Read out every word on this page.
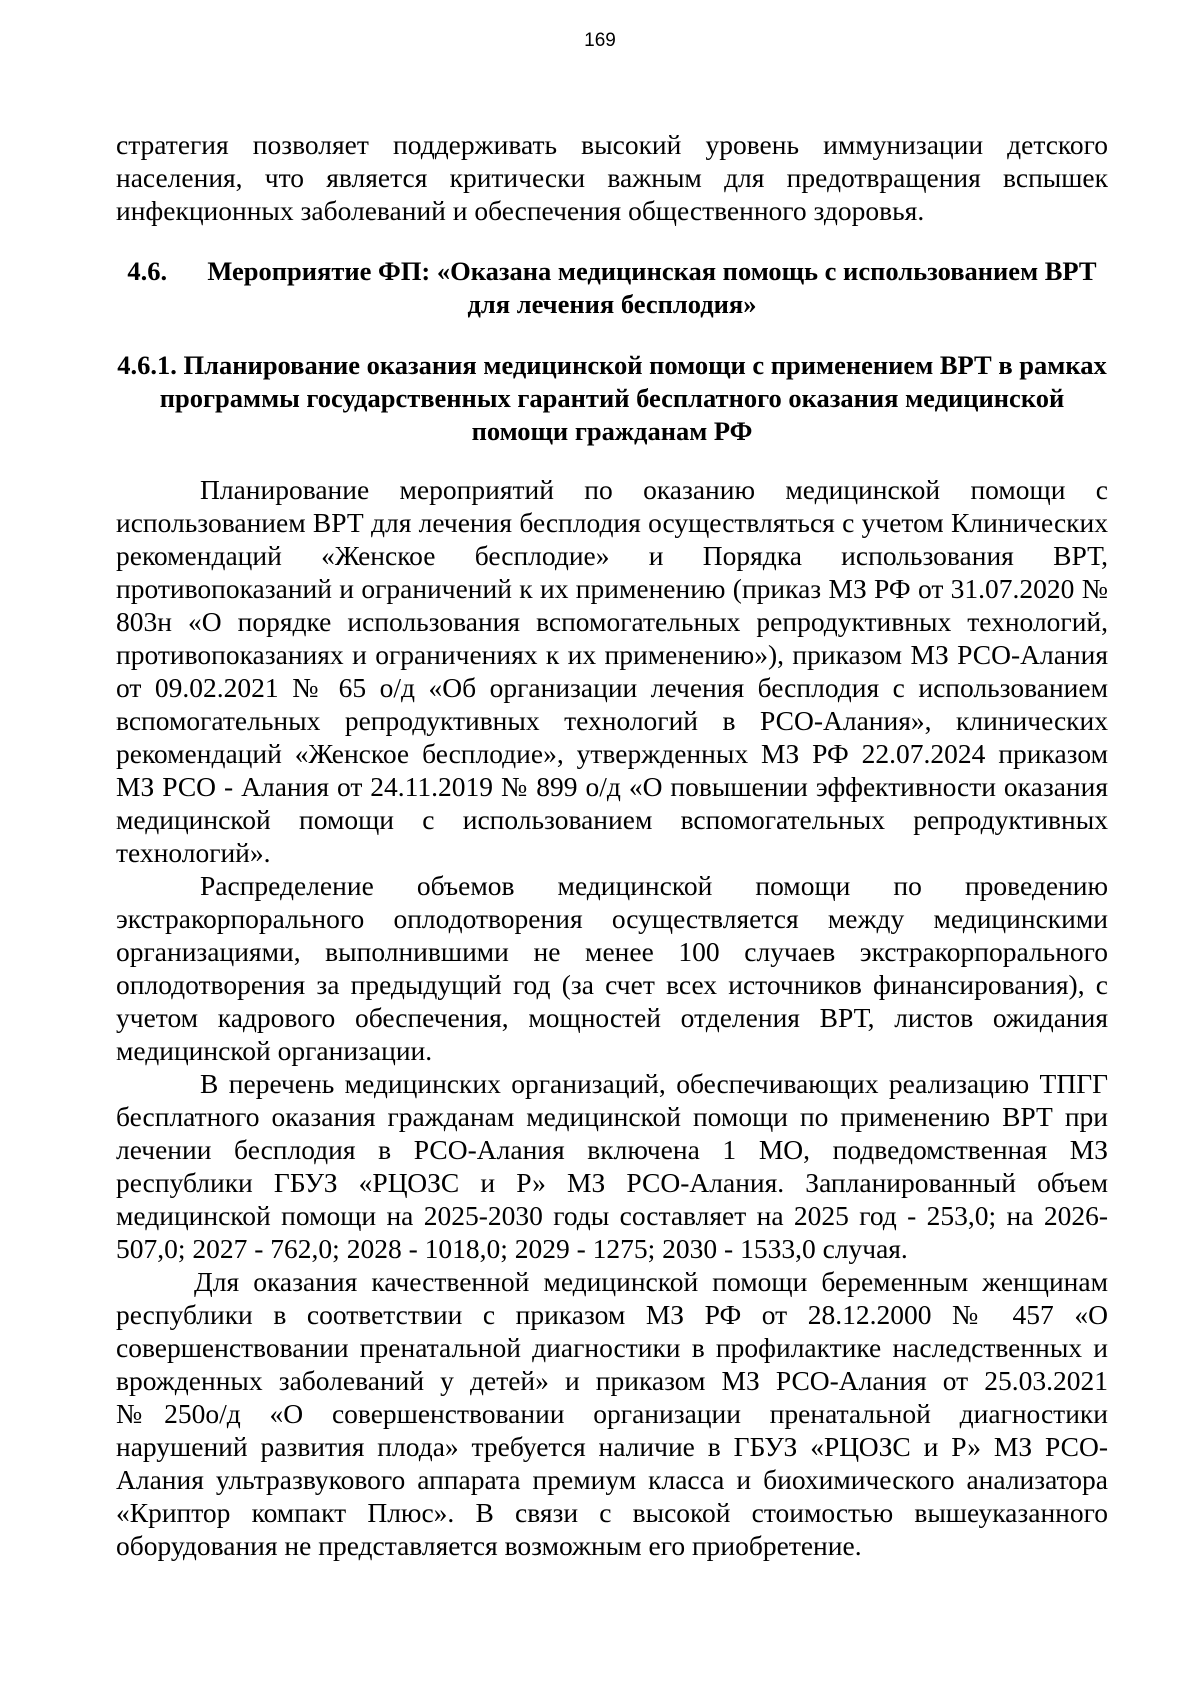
169

стратегия позволяет поддерживать высокий уровень иммунизации детского населения, что является критически важным для предотвращения вспышек инфекционных заболеваний и обеспечения общественного здоровья.

4.6. Мероприятие ФП: «Оказана медицинская помощь с использованием ВРТ для лечения бесплодия»
4.6.1. Планирование оказания медицинской помощи с применением ВРТ в рамках программы государственных гарантий бесплатного оказания медицинской помощи гражданам РФ

Планирование мероприятий по оказанию медицинской помощи с использованием ВРТ для лечения бесплодия осуществляться с учетом Клинических рекомендаций «Женское бесплодие» и Порядка использования ВРТ, противопоказаний и ограничений к их применению (приказ МЗ РФ от 31.07.2020 № 803н «О порядке использования вспомогательных репродуктивных технологий, противопоказаниях и ограничениях к их применению»), приказом МЗ РСО-Алания от 09.02.2021 № 65 о/д «Об организации лечения бесплодия с использованием вспомогательных репродуктивных технологий в РСО-Алания», клинических рекомендаций «Женское бесплодие», утвержденных МЗ РФ 22.07.2024 приказом МЗ РСО - Алания от 24.11.2019 № 899 о/д «О повышении эффективности оказания медицинской помощи с использованием вспомогательных репродуктивных технологий».

Распределение объемов медицинской помощи по проведению экстракорпорального оплодотворения осуществляется между медицинскими организациями, выполнившими не менее 100 случаев экстракорпорального оплодотворения за предыдущий год (за счет всех источников финансирования), с учетом кадрового обеспечения, мощностей отделения ВРТ, листов ожидания медицинской организации.

В перечень медицинских организаций, обеспечивающих реализацию ТПГГ бесплатного оказания гражданам медицинской помощи по применению ВРТ при лечении бесплодия в РСО-Алания включена 1 МО, подведомственная МЗ республики ГБУЗ «РЦОЗС и Р» МЗ РСО-Алания. Запланированный объем медицинской помощи на 2025-2030 годы составляет на 2025 год - 253,0; на 2026-507,0; 2027 - 762,0; 2028 - 1018,0; 2029 - 1275; 2030 - 1533,0 случая.

Для оказания качественной медицинской помощи беременным женщинам республики в соответствии с приказом МЗ РФ от 28.12.2000 № 457 «О совершенствовании пренатальной диагностики в профилактике наследственных и врожденных заболеваний у детей» и приказом МЗ РСО-Алания от 25.03.2021 №250о/д «О совершенствовании организации пренатальной диагностики нарушений развития плода» требуется наличие в ГБУЗ «РЦОЗС и Р» МЗ РСО-Алания ультразвукового аппарата премиум класса и биохимического анализатора «Криптор компакт Плюс». В связи с высокой стоимостью вышеуказанного оборудования не представляется возможным его приобретение.
